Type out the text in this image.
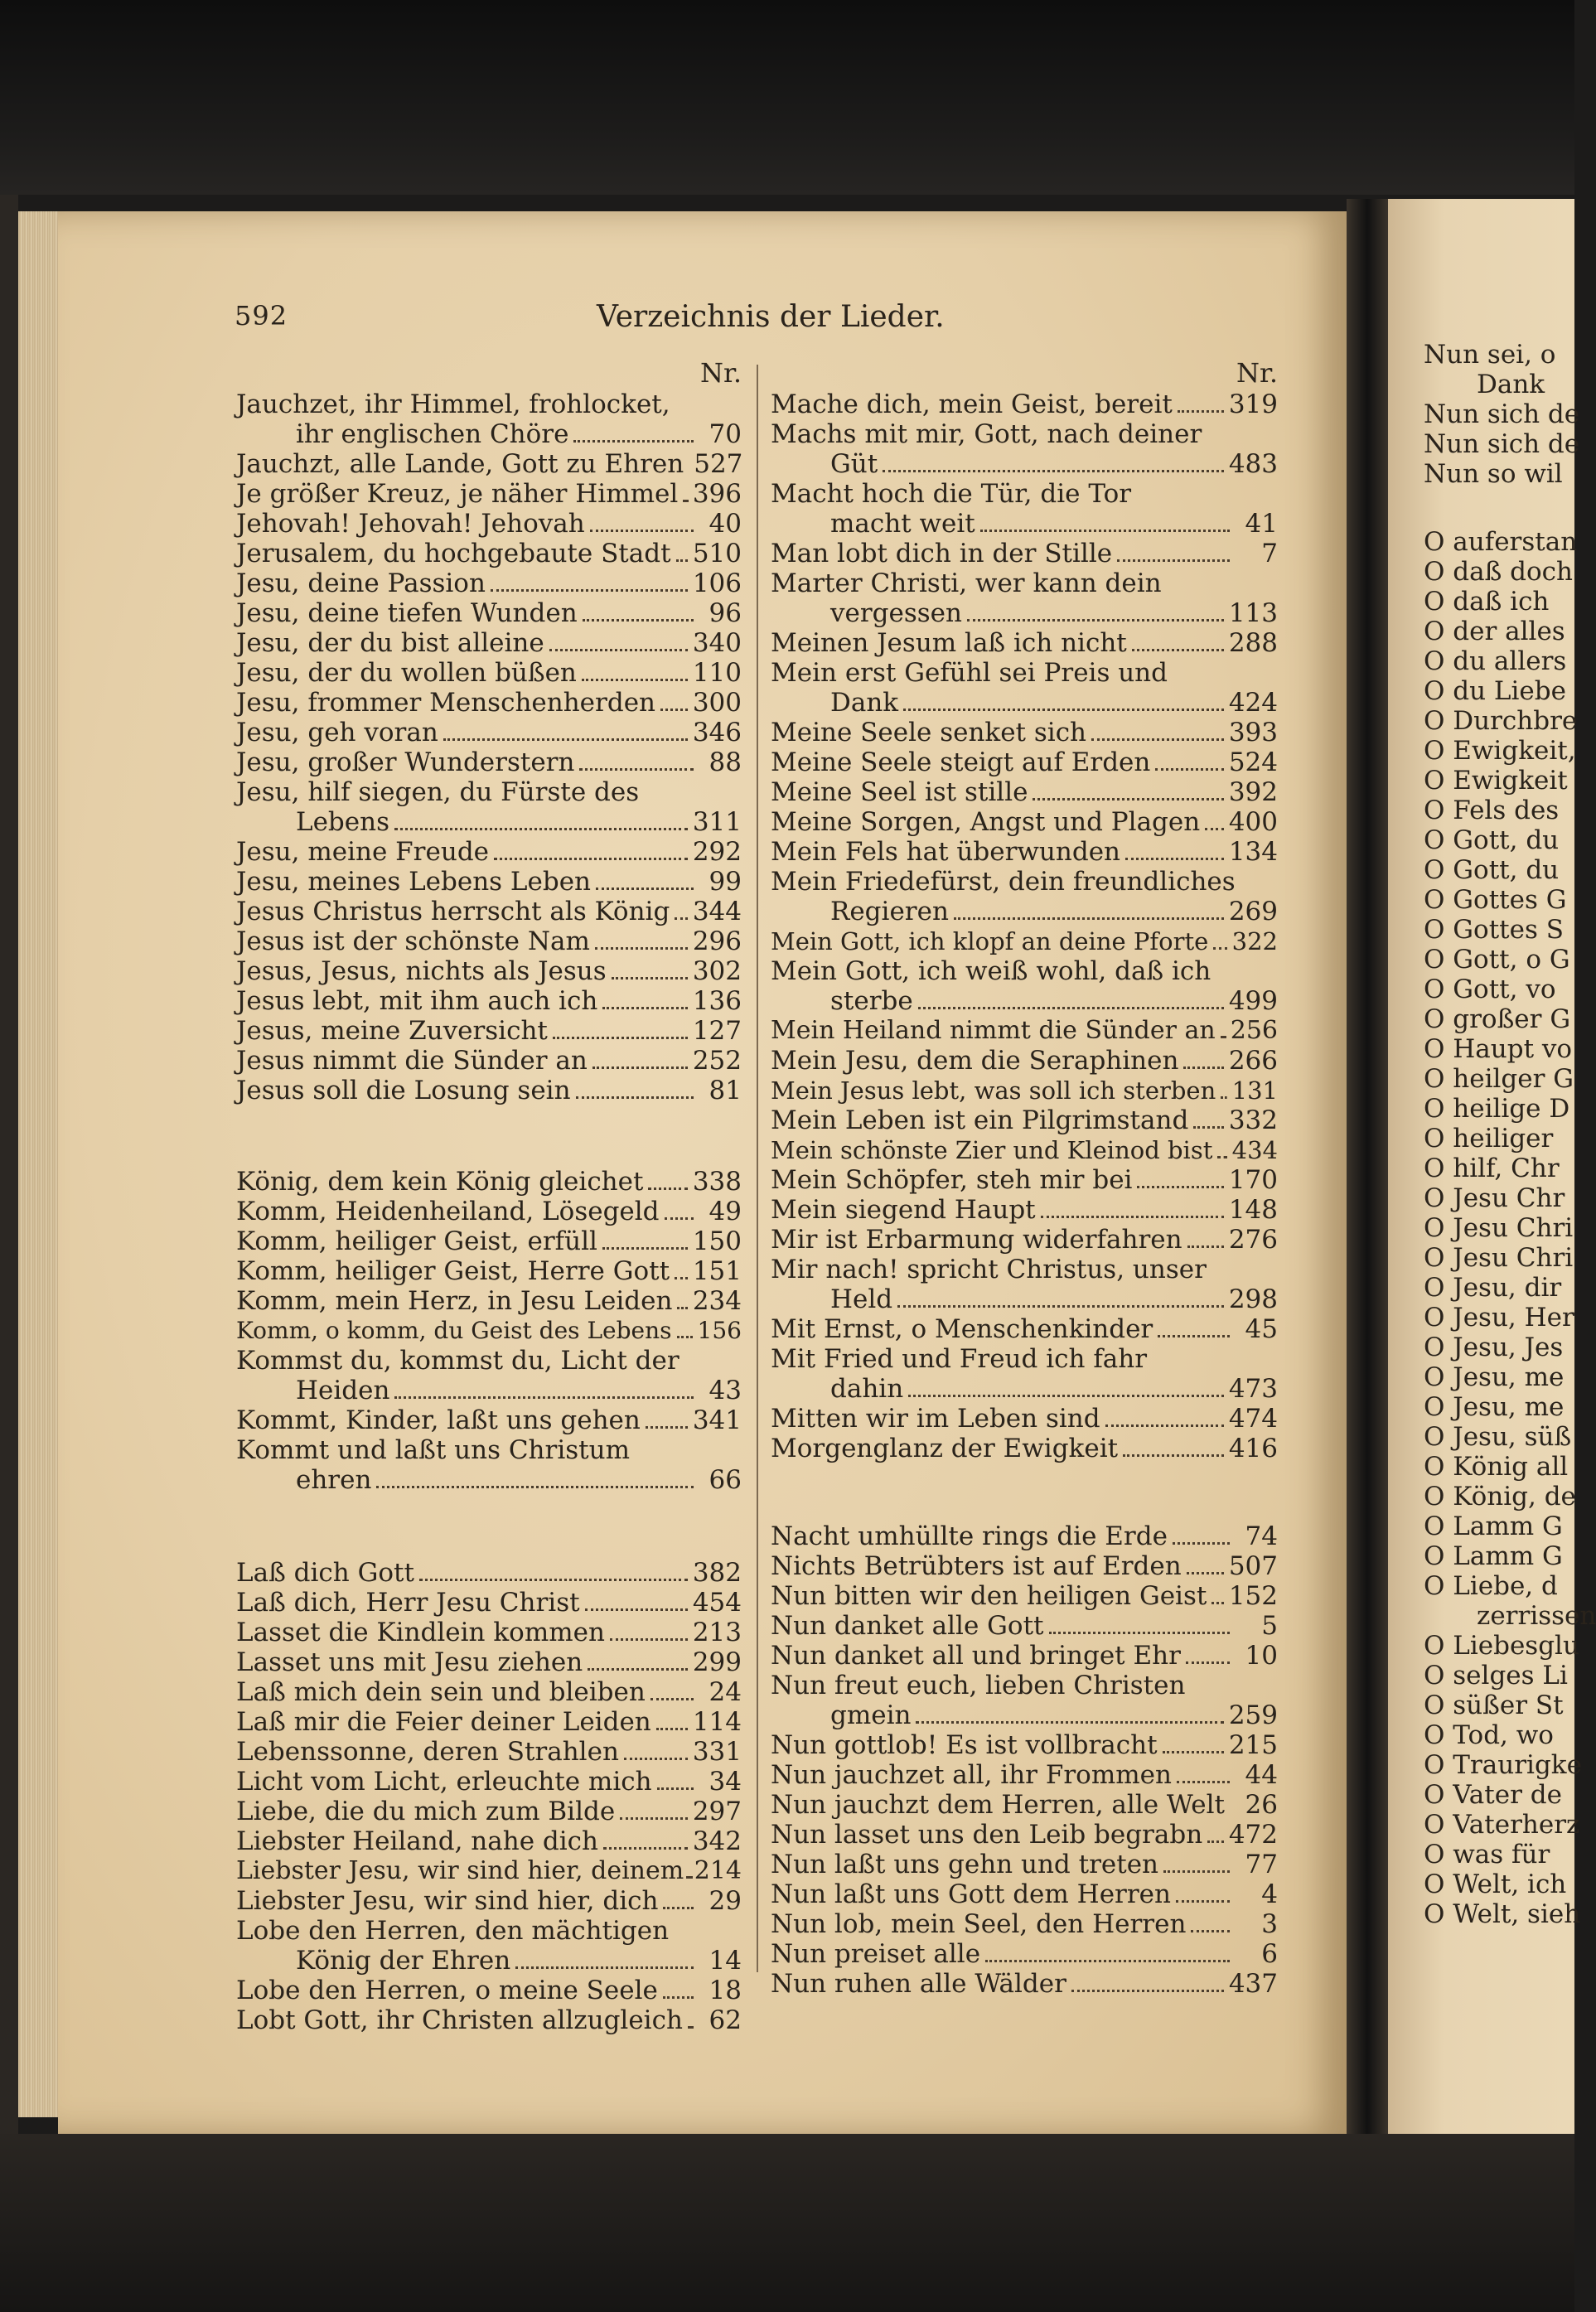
592	Verzeichnis der Lieder.
Nr.
Jauchzet, ihr Himmel, frohlocket,
ihr englischen Chöre	70
Jauchzt, alle Lande, Gott zu Ehren 527
Je größer Kreuz, je näher Himmel 396
Jehovah! Jehovah! Jehovah	40
Jerusalem, du hochgebaute Stadt 510
Jesu, deine Passion	106
Jesu, deine tiefen Wunden	96
Jesu, der du bist alleine	340
Jesu, der du wollen büßen	110
Jesu, frommer Menschenherden 300
Jesu, geh voran	346
Jesu, großer Wunderstern	88
Jesu, hilf siegen, du Fürste des
Lebens	311
Jesu, meine Freude	292
Jesu, meines Lebens Leben	99
Jesus Christus herrscht als König 344
Jesus ist der schönste Nam	296
Jesus, Jesus, nichts als Jesus	302
Jesus lebt, mit ihm auch ich	136
Jesus, meine Zuversicht	127
Jesus nimmt die Sünder an	252
Jesus soll die Losung sein	81
König, dem kein König gleichet 338
Komm, Heidenheiland, Lösegeld	49
Komm, heiliger Geist, erfüll	150
Komm, heiliger Geist, Herre Gott 151
Komm, mein Herz, in Jesu Leiden 234
Komm, o komm, du Geist des Lebens 156
Kommst du, kommst du, Licht der
Heiden	43
Kommt, Kinder, laßt uns gehen 341
Kommt und laßt uns Christum
ehren	66
Laß dich Gott	382
Laß dich, Herr Jesu Christ	454
Lasset die Kindlein kommen	213
Lasset uns mit Jesu ziehen	299
Laß mich dein sein und bleiben	24
Laß mir die Feier deiner Leiden 114
Lebenssonne, deren Strahlen	331
Licht vom Licht, erleuchte mich	34
Liebe, die du mich zum Bilde	297
Liebster Heiland, nahe dich	342
Liebster Jesu, wir sind hier, deinem 214
Liebster Jesu, wir sind hier, dich	29
Lobe den Herren, den mächtigen
König der Ehren	14
Lobe den Herren, o meine Seele	18
Lobt Gott, ihr Christen allzugleich	62
Nr.
Mache dich, mein Geist, bereit 319
Machs mit mir, Gott, nach deiner
Güt	483
Macht hoch die Tür, die Tor
macht weit	41
Man lobt dich in der Stille	7
Marter Christi, wer kann dein
vergessen	113
Meinen Jesum laß ich nicht	288
Mein erst Gefühl sei Preis und
Dank	424
Meine Seele senket sich	393
Meine Seele steigt auf Erden	524
Meine Seel ist stille	392
Meine Sorgen, Angst und Plagen 400
Mein Fels hat überwunden	134
Mein Friedefürst, dein freundliches
Regieren	269
Mein Gott, ich klopf an deine Pforte 322
Mein Gott, ich weiß wohl, daß ich
sterbe	499
Mein Heiland nimmt die Sünder an 256
Mein Jesu, dem die Seraphinen 266
Mein Jesus lebt, was soll ich sterben 131
Mein Leben ist ein Pilgrimstand 332
Mein schönste Zier und Kleinod bist 434
Mein Schöpfer, steh mir bei	170
Mein siegend Haupt	148
Mir ist Erbarmung widerfahren 276
Mir nach! spricht Christus, unser
Held	298
Mit Ernst, o Menschenkinder	45
Mit Fried und Freud ich fahr
dahin	473
Mitten wir im Leben sind	474
Morgenglanz der Ewigkeit	416
Nacht umhüllte rings die Erde	74
Nichts Betrübters ist auf Erden 507
Nun bitten wir den heiligen Geist 152
Nun danket alle Gott	5
Nun danket all und bringet Ehr	10
Nun freut euch, lieben Christen
gmein	259
Nun gottlob! Es ist vollbracht	215
Nun jauchzet all, ihr Frommen	44
Nun jauchzt dem Herren, alle Welt 26
Nun lasset uns den Leib begrabn 472
Nun laßt uns gehn und treten	77
Nun laßt uns Gott dem Herren	4
Nun lob, mein Seel, den Herren	3
Nun preiset alle	6
Nun ruhen alle Wälder	437
Nun sei, o
Dank
Nun sich de
Nun sich de
Nun so wil
O auferstan
O daß doch
O daß ich
O der alles
O du allers
O du Liebe
O Durchbre
O Ewigkeit,
O Ewigkeit
O Fels des
O Gott, du
O Gott, du
O Gottes G
O Gottes S
O Gott, o G
O Gott, vo
O großer G
O Haupt vo
O heilger G
O heilige D
O heiliger
O hilf, Chr
O Jesu Chr
O Jesu Chri
O Jesu Chri
O Jesu, dir
O Jesu, Her
O Jesu, Jes
O Jesu, me
O Jesu, me
O Jesu, süß
O König all
O König, de
O Lamm G
O Lamm G
O Liebe, d
zerrissen
O Liebesglu
O selges Li
O süßer St
O Tod, wo
O Traurigke
O Vater de
O Vaterherz
O was für
O Welt, ich
O Welt, sieh
